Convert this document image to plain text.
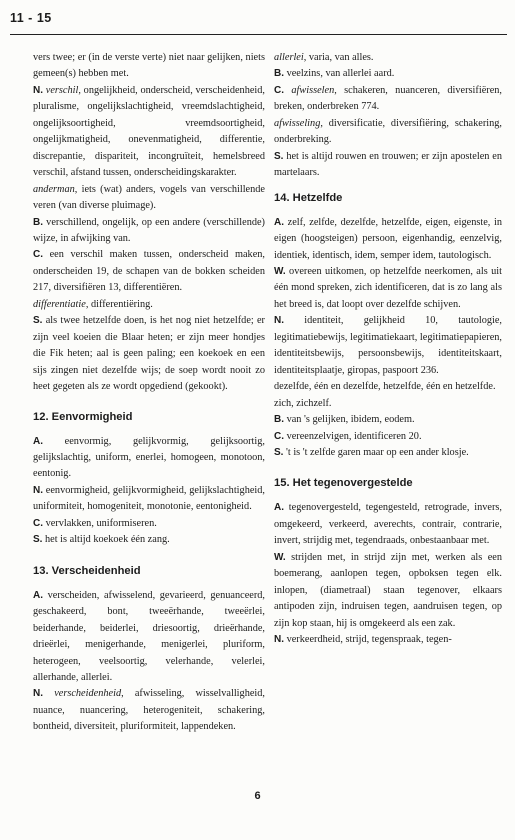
11 - 15

vers twee; er (in de verste verte) niet naar gelijken, niets gemeen(s) hebben met.

N. verschil, ongelijkheid, onderscheid, verscheidenheid, pluralisme, ongelijkslachtigheid, vreemdslachtigheid, ongelijksoortigheid, vreemdsoortigheid, ongelijkmatigheid, onevenmatigheid, differentie, discrepantie, dispariteit, incongruïteit, hemelsbreed verschil, afstand tussen, onderscheidingskarakter.

anderman, iets (wat) anders, vogels van verschillende veren (van diverse pluimage).

B. verschillend, ongelijk, op een andere (verschillende) wijze, in afwijking van.

C. een verschil maken tussen, onderscheid maken, onderscheiden 19, de schapen van de bokken scheiden 217, diversifiëren 13, differentiëren.

differentiatie, differentiëring.

S. als twee hetzelfde doen, is het nog niet hetzelfde; er zijn veel koeien die Blaar heten; er zijn meer hondjes die Fik heten; aal is geen paling; een koekoek en een sijs zingen niet dezelfde wijs; de soep wordt nooit zo heet gegeten als ze wordt opgediend (gekookt).

12. Eenvormigheid

A. eenvormig, gelijkvormig, gelijksoortig, gelijkslachtig, uniform, enerlei, homogeen, monotoon, eentonig.

N. eenvormigheid, gelijkvormigheid, gelijkslachtigheid, uniformiteit, homogeniteit, monotonie, eentonigheid.

C. vervlakken, uniformiseren.

S. het is altijd koekoek één zang.

13. Verscheidenheid

A. verscheiden, afwisselend, gevarieerd, genuanceerd, geschakeerd, bont, tweeërhande, tweeërlei, beiderhande, beiderlei, driesoortig, drieërhande, drieërlei, menigerhande, menigerlei, pluriform, heterogeen, veelsoortig, velerhande, velerlei, allerhande, allerlei.

N. verscheidenheid, afwisseling, wisselvalligheid, nuance, nuancering, heterogeniteit, schakering, bontheid, diversiteit, pluriformiteit, lappendeken.

allerlei, varia, van alles.

B. veelzins, van allerlei aard.

C. afwisselen, schakeren, nuanceren, diversifiëren, breken, onderbreken 774.

afwisseling, diversificatie, diversifiëring, schakering, onderbreking.

S. het is altijd rouwen en trouwen; er zijn apostelen en martelaars.

14. Hetzelfde

A. zelf, zelfde, dezelfde, hetzelfde, eigen, eigenste, in eigen (hoogsteigen) persoon, eigenhandig, eenzelvig, identiek, identisch, idem, semper idem, tautologisch.

W. overeen uitkomen, op hetzelfde neerkomen, als uit één mond spreken, zich identificeren, dat is zo lang als het breed is, dat loopt over dezelfde schijven.

N. identiteit, gelijkheid 10, tautologie, legitimatiebewijs, legitimatiekaart, legitimatiepapieren, identiteitsbewijs, persoonsbewijs, identiteitskaart, identiteitsplaatje, giropas, paspoort 236.

dezelfde, één en dezelfde, hetzelfde, één en hetzelfde.

zich, zichzelf.

B. van 's gelijken, ibidem, eodem.

C. vereenzelvigen, identificeren 20.

S. 't is 't zelfde garen maar op een ander klosje.

15. Het tegenovergestelde

A. tegenovergesteld, tegengesteld, retrograde, invers, omgekeerd, verkeerd, averechts, contrair, contrarie, invert, strijdig met, tegendraads, onbestaanbaar met.

W. strijden met, in strijd zijn met, werken als een boemerang, aanlopen tegen, opboksen tegen elk. inlopen, (diametraal) staan tegenover, elkaars antipoden zijn, indruisen tegen, aandruisen tegen, op zijn kop staan, hij is omgekeerd als een zak.

N. verkeerdheid, strijd, tegenspraak, tegen-

6
